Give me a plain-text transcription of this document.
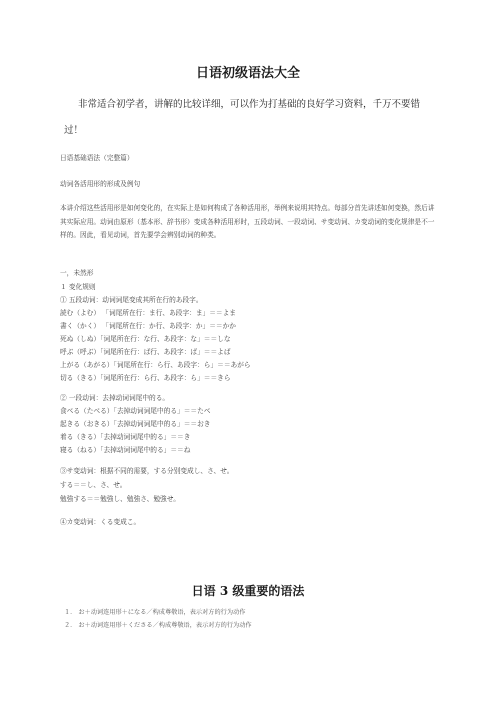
日语初级语法大全
非常适合初学者，讲解的比较详细，可以作为打基础的良好学习资料，千万不要错过！
日语基础语法（完整篇）
动词各活用形的形成及例句

本讲介绍这些活用形是如何变化的，在实际上是如何构成了各种活用形，举例来说明其特点。每部分首先讲述如何变换，然后讲其实际应用。动词由原形（基本形、辞书形）变成各种活用形时，五段动词、一段动词、サ变动词、カ变动词的变化规律是不一样的。因此，看见动词，首先要学会辨别动词的种类。

一，未然形
１ 变化规则
① 五段动词：动词词尾变成其所在行的あ段字。
読む（よむ） 「词尾所在行：ま行、あ段字：ま」＝＝よま
書く（かく） 「词尾所在行：か行、あ段字：か」＝＝かか
死ぬ（しぬ）「词尾所在行：な行、あ段字：な」＝＝しな
呼ぶ（呼ぶ）「词尾所在行：ば行、あ段字：ば」＝＝よば
上がる（あがる）「词尾所在行：ら行、あ段字：ら」＝＝あがら
切る（きる）「词尾所在行：ら行、あ段字：ら」＝＝きら
② 一段动词：去掉动词词尾中的る。
食べる（たべる）「去掉动词词尾中的る」＝＝たべ
起きる（おきる）「去掉动词词尾中的る」＝＝おき
着る（きる）「去掉动词词尾中的る」＝＝き
寝る（ねる）「去掉动词词尾中的る」＝＝ね
③サ变动词：根据不同的需要，する分别变成し、さ、せ。
する＝＝し、さ、せ。
勉強する＝＝勉強し、勉強さ、勉強せ。
④カ变动词：くる变成こ。
日语 3 级重要的语法
１． お＋动词连用形＋になる／构成尊敬语，表示对方的行为动作
２． お＋动词连用形＋くださる／构成尊敬语，表示对方的行为动作
